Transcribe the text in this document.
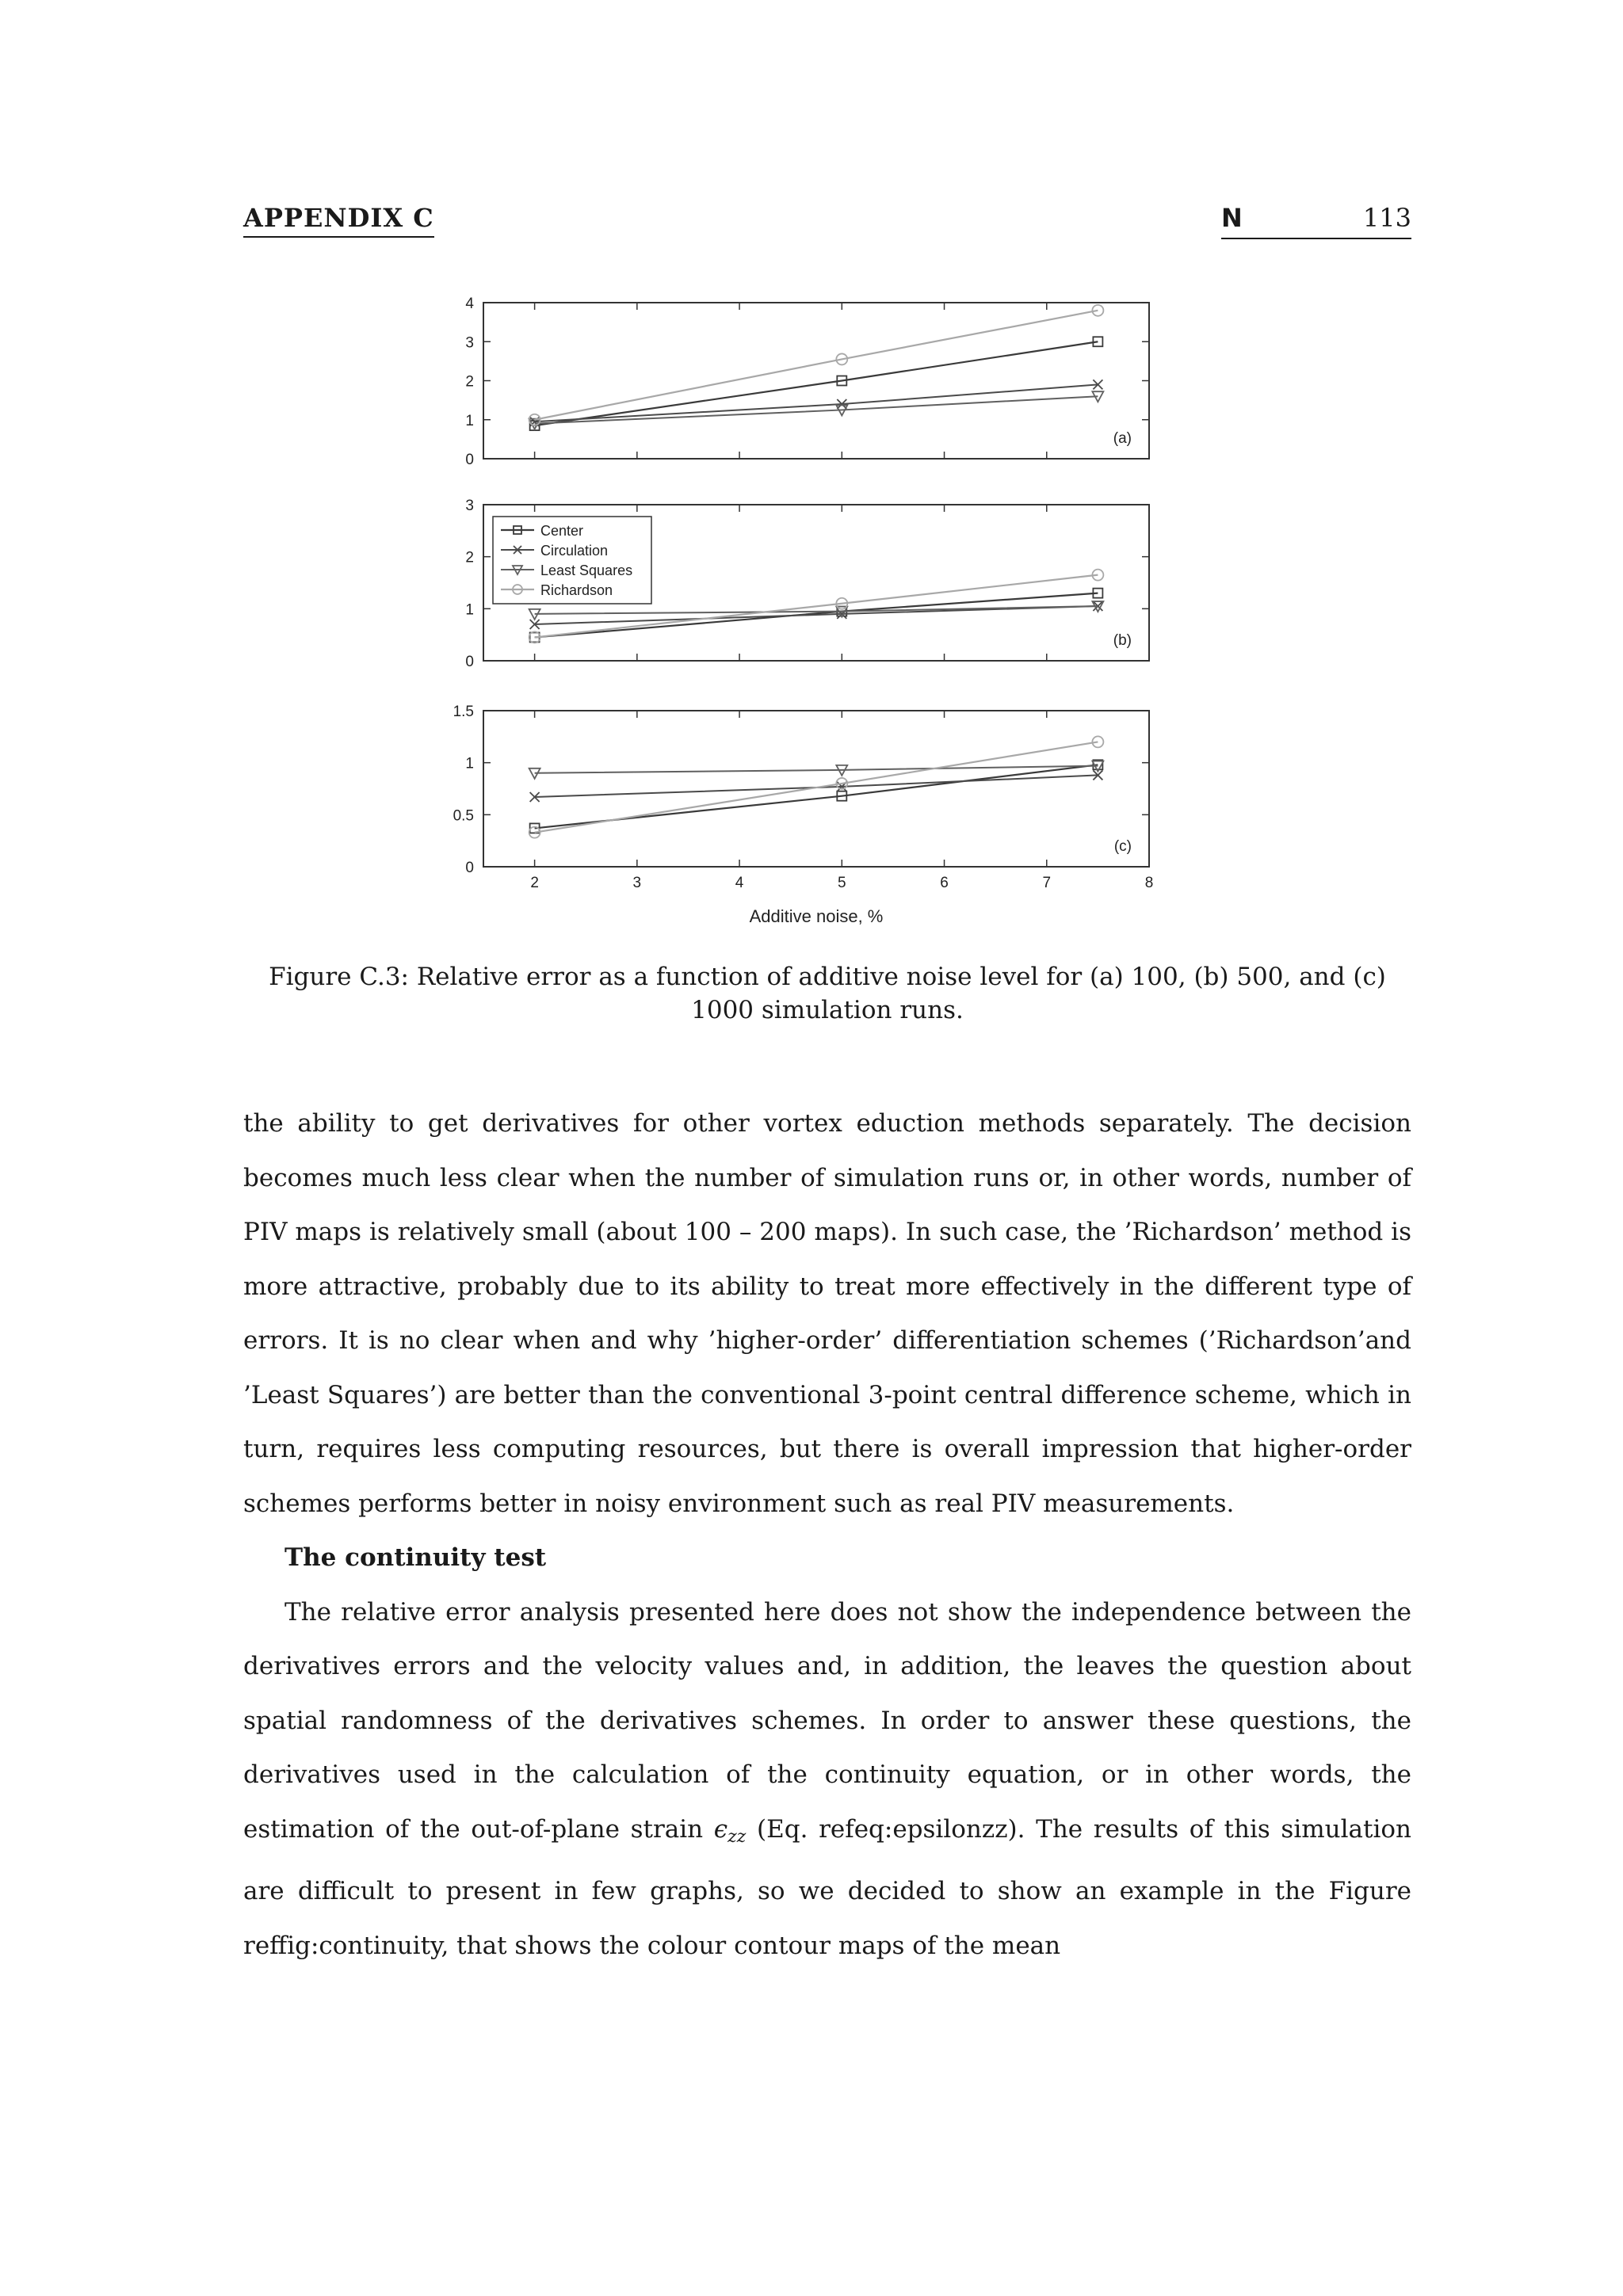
APPENDIX C	N	113
0
1
2
3
4
(a)
0
1
2
3
(b)
Center
Circulation
Least Squares
Richardson
0
0.5
1
1.5
2	3	4	5	6	7	8
Additive noise, %
(c)
Figure C.3: Relative error as a function of additive noise level for (a) 100, (b) 500, and (c) 1000 simulation runs.

the ability to get derivatives for other vortex eduction methods separately. The decision becomes much less clear when the number of simulation runs or, in other words, number of PIV maps is relatively small (about 100 – 200 maps). In such case, the ’Richardson’ method is more attractive, probably due to its ability to treat more effectively in the different type of errors. It is no clear when and why ’higher-order’ differentiation schemes (’Richardson’and ’Least Squares’) are better than the conventional 3-point central difference scheme, which in turn, requires less computing resources, but there is overall impression that higher-order schemes performs better in noisy environment such as real PIV measurements.

The continuity test

The relative error analysis presented here does not show the independence between the derivatives errors and the velocity values and, in addition, the leaves the question about spatial randomness of the derivatives schemes. In order to answer these questions, the derivatives used in the calculation of the continuity equation, or in other words, the estimation of the out-of-plane strain $\epsilon_{zz}$ (Eq. refeq:epsilonzz). The results of this simulation are difficult to present in few graphs, so we decided to show an example in the Figure reffig:continuity, that shows the colour contour maps of the mean
